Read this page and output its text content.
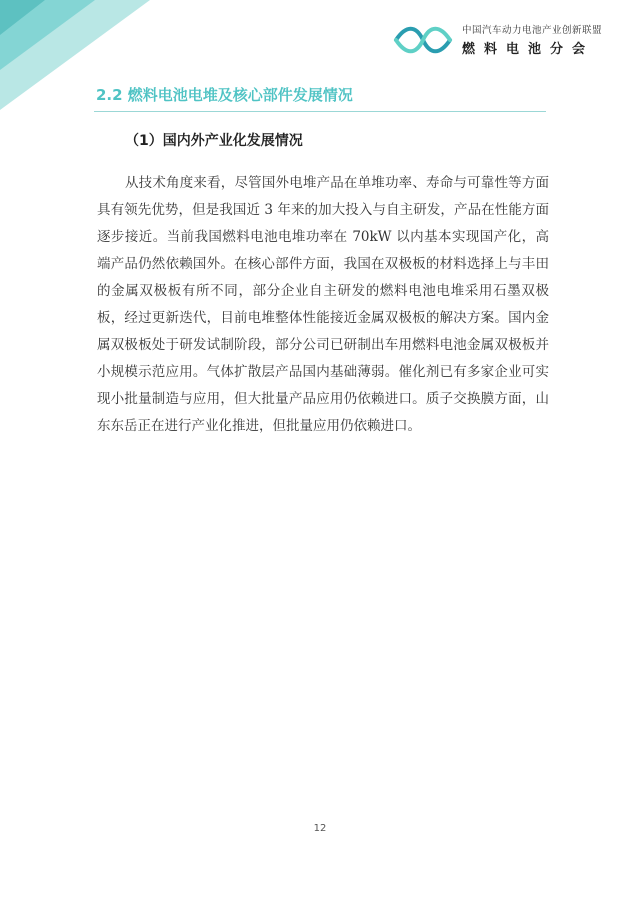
中国汽车动力电池产业创新联盟
燃料电池分会
2.2 燃料电池电堆及核心部件发展情况
（1）国内外产业化发展情况

从技术角度来看，尽管国外电堆产品在单堆功率、寿命与可靠性等方面具有领先优势，但是我国近 3 年来的加大投入与自主研发，产品在性能方面逐步接近。当前我国燃料电池电堆功率在 70kW 以内基本实现国产化，高端产品仍然依赖国外。在核心部件方面，我国在双极板的材料选择上与丰田的金属双极板有所不同，部分企业自主研发的燃料电池电堆采用石墨双极板，经过更新迭代，目前电堆整体性能接近金属双极板的解决方案。国内金属双极板处于研发试制阶段，部分公司已研制出车用燃料电池金属双极板并小规模示范应用。气体扩散层产品国内基础薄弱。催化剂已有多家企业可实现小批量制造与应用，但大批量产品应用仍依赖进口。质子交换膜方面，山东东岳正在进行产业化推进，但批量应用仍依赖进口。

12
